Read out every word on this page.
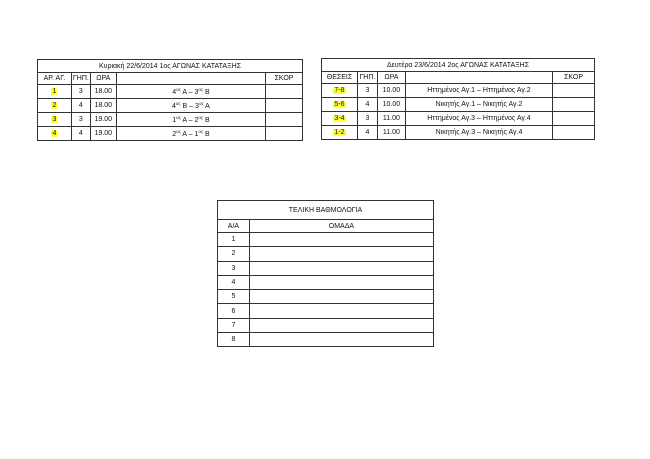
Κυριακή 22/6/2014 1ος ΑΓΩΝΑΣ ΚΑΤΑΤΑΞΗΣ				
ΑΡ. ΑΓ.	ΓΗΠ.	ΩΡΑ		ΣΚΟΡ
1	3	18.00	$4^{o\varsigma}$ Α – $3^{o\varsigma}$ Β	
2	4	18.00	$4^{o\varsigma}$ Β – $3^{o\varsigma}$ Α	
3	3	19.00	$1^{o\varsigma}$ Α – $2^{o\varsigma}$ Β	
4	4	19.00	$2^{o\varsigma}$ Α – $1^{o\varsigma}$ Β	
Δευτέρα 23/6/2014 2ος ΑΓΩΝΑΣ ΚΑΤΑΤΑΞΗΣ				
ΘΕΣΕΙΣ	ΓΗΠ.	ΩΡΑ		ΣΚΟΡ
7-8	3	10.00	Ηττημένος Αγ.1 – Ηττημένος Αγ.2	
5-6	4	10.00	Νικητής Αγ.1 – Νικητής Αγ.2	
3-4	3	11.00	Ηττημένος Αγ.3 – Ηττημένος Αγ.4	
1-2	4	11.00	Νικητής Αγ.3 – Νικητής Αγ.4	
ΤΕΛΙΚΗ ΒΑΘΜΟΛΟΓΙΑ	
Α/Α	ΟΜΑΔΑ
1	
2	
3	
4	
5	
6	
7	
8	
